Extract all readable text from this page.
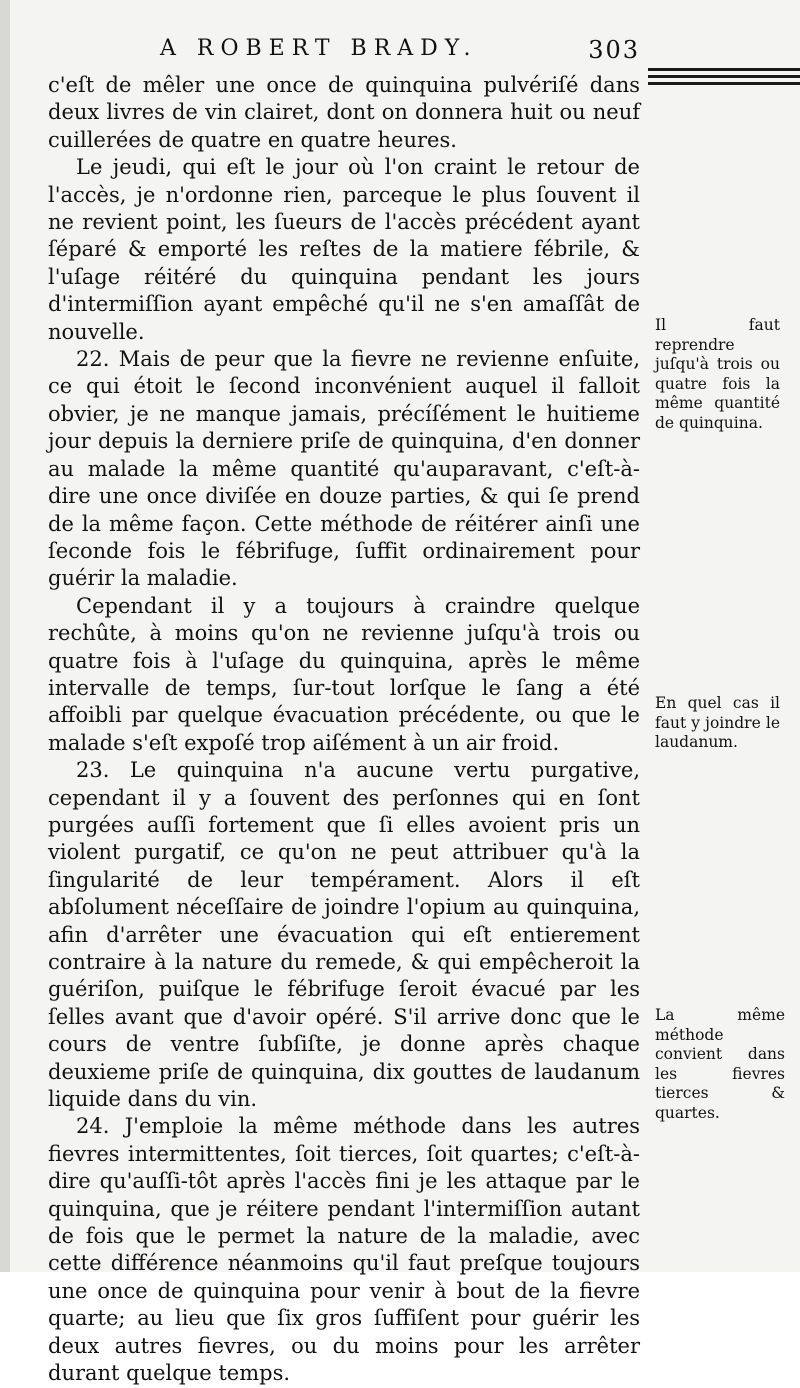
A ROBERT BRADY.	303

c'eſt de mêler une once de quinquina pulvériſé dans deux livres de vin clairet, dont on donnera huit ou neuf cuillerées de quatre en quatre heures.

Le jeudi, qui eſt le jour où l'on craint le retour de l'accès, je n'ordonne rien, parceque le plus ſouvent il ne revient point, les ſueurs de l'accès précédent ayant ſéparé & emporté les reſtes de la matiere fébrile, & l'uſage réitéré du quinquina pendant les jours d'intermiſſion ayant empêché qu'il ne s'en amaſſât de nouvelle.

22. Mais de peur que la fievre ne revienne enſuite, ce qui étoit le ſecond inconvénient auquel il falloit obvier, je ne manque jamais, précíſément le huitieme jour depuis la derniere priſe de quinquina, d'en donner au malade la même quantité qu'auparavant, c'eſt-à-dire une once diviſée en douze parties, & qui ſe prend de la même façon. Cette méthode de réitérer ainſi une ſeconde fois le fébrifuge, ſuffit ordinairement pour guérir la maladie.

Cependant il y a toujours à craindre quelque rechûte, à moins qu'on ne revienne juſqu'à trois ou quatre fois à l'uſage du quinquina, après le même intervalle de temps, ſur-tout lorſque le ſang a été affoibli par quelque évacuation précédente, ou que le malade s'eſt expoſé trop aiſément à un air froid.

23. Le quinquina n'a aucune vertu purgative, cependant il y a ſouvent des perſonnes qui en ſont purgées auſſi fortement que ſi elles avoient pris un violent purgatif, ce qu'on ne peut attribuer qu'à la ſingularité de leur tempérament. Alors il eſt abſolument néceſſaire de joindre l'opium au quinquina, afin d'arrêter une évacuation qui eſt entierement contraire à la nature du remede, & qui empêcheroit la guériſon, puiſque le fébrifuge ſeroit évacué par les ſelles avant que d'avoir opéré. S'il arrive donc que le cours de ventre ſubſiſte, je donne après chaque deuxieme priſe de quinquina, dix gouttes de laudanum liquide dans du vin.

24. J'emploie la même méthode dans les autres fievres intermittentes, ſoit tierces, ſoit quartes; c'eſt-à-dire qu'auſſi-tôt après l'accès fini je les attaque par le quinquina, que je réitere pendant l'intermiſſion autant de fois que le permet la nature de la maladie, avec cette différence néanmoins qu'il faut preſque toujours une once de quinquina pour venir à bout de la fievre quarte; au lieu que ſix gros ſuffiſent pour guérir les deux autres fievres, ou du moins pour les arrêter durant quelque temps.

Il faut reprendre juſqu'à trois ou quatre fois la même quantité de quinquina.
En quel cas il faut y joindre le laudanum.
La même méthode convient dans les fievres tierces & quartes.
